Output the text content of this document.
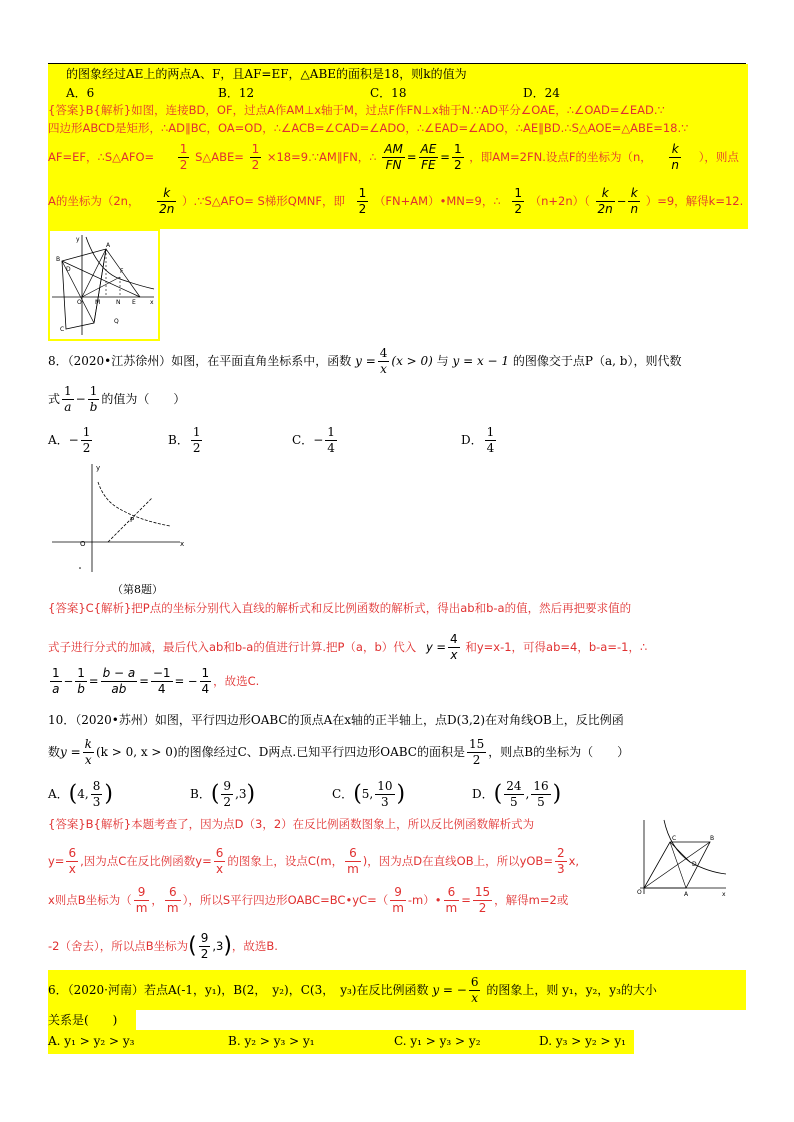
的图象经过AE上的两点A、F，且AF=EF，△ABE的面积是18，则k的值为
A．6	B．12	C．18	D．24
{答案}B{解析}如图，连接BD，OF，过点A作AM⊥x轴于M，过点F作FN⊥x轴于N.∵AD平分∠OAE，∴∠OAD=∠EAD.∵
四边形ABCD是矩形，∴AD∥BC，OA=OD，∴∠ACB=∠CAD=∠ADO，∴∠EAD=∠ADO，∴AE∥BD.∴S△AOE=△ABE=18.∵
AF=EF，∴S△AFO= $\frac{1}{2}$ S△ABE= $\frac{1}{2}$ ×18=9.∵AM∥FN，∴ $\frac{AM}{FN} = \frac{AE}{FE} = \frac{1}{2}$ ，即AM=2FN.设点F的坐标为（n， $\frac{k}{n}$ ），则点
A的坐标为（2n， $\frac{k}{2n}$ ）.∵S△AFO= S梯形QMNF，即 $\frac{1}{2}$ （FN+AM）•MN=9，∴ $\frac{1}{2} (n+2n)( \frac{k}{2n} - \frac{k}{n} )=9$，解得k=12.
y
B
A
D	F
O M	N E x
C
Q
8．（2020•江苏徐州）如图，在平面直角坐标系中，函数 $y = \frac{4}{x} (x > 0)$ 与 y = x − 1 的图像交于点P（a, b），则代数
式 $\frac{1}{a} - \frac{1}{b}$ 的值为（　　）
A．− $\frac{1}{2}$	B． $\frac{1}{2}$	C．− $\frac{1}{4}$	D． $\frac{1}{4}$
y
P
x
O
（第8题）
{答案}C{解析}把P点的坐标分别代入直线的解析式和反比例函数的解析式，得出ab和b-a的值，然后再把要求值的
式子进行分式的加减，最后代入ab和b-a的值进行计算.把P（a，b）代入 $y = \frac{4}{x}$ 和y=x-1，可得ab=4，b-a=-1，∴
$\frac{1}{a} - \frac{1}{b} = \frac{b - a}{ab} = \frac{-1}{4}$ = − $\frac{1}{4}$ ，故选C.
10．（2020•苏州）如图，平行四边形OABC的顶点A在x轴的正半轴上，点D(3,2)在对角线OB上，反比例函
数$y = \frac{k}{x} (k > 0$, x > 0)的图像经过C、D两点.已知平行四边形OABC的面积是 $\frac{15}{2}$ ，则点B的坐标为（　　）
A．(4, $\frac{8}{3}$ )	B．( $\frac{9}{2} ,3$)	C．(5, $\frac{10}{3}$ )	D．( $\frac{24}{5}$ , $\frac{16}{5}$ )
{答案}B{解析}本题考查了，因为点D（3，2）在反比例函数图象上，所以反比例函数解析式为
$y= \frac{6}{x}$ ,因为点C在反比例函数$y= \frac{6}{x}$ 的图象上，设点C(m， $\frac{6}{m}$ )，因为点D在直线OB上，所以$yOB= \frac{2}{3} x$,
x则点B坐标为（ $\frac{9}{m}$ ， $\frac{6}{m}$ ），所以S平行四边形OABC=BC•yC=（ $\frac{9}{m}$ -m）• $\frac{6}{m} = \frac{15}{2}$ ，解得m=2或
-2（舍去），所以点B坐标为( $\frac{9}{2} ,3$)，故选B.
C	B
D
O	A	x
6．（2020·河南）若点A(-1，y₁)，B(2，　y₂)，C(3，　y₃)在反比例函数 y = − $\frac{6}{x}$ 的图象上，则 y₁，y₂，y₃的大小
关系是(　　)
A. y₁ > y₂ > y₃	B. y₂ > y₃ > y₁	C. y₁ > y₃ > y₂	D. y₃ > y₂ > y₁
